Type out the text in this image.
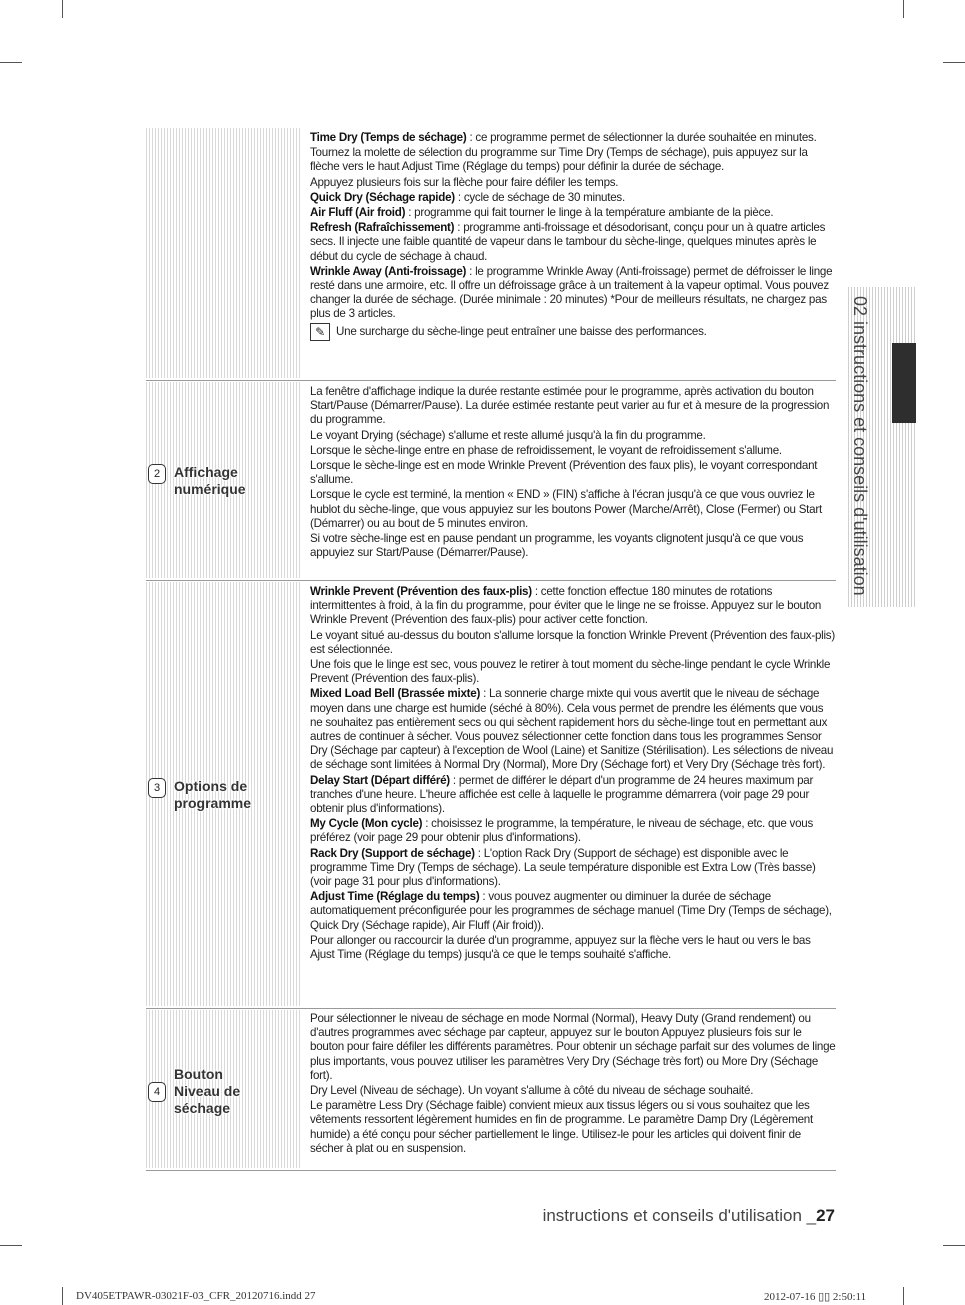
2 Affichage
numérique
3 Options de
programme
4
Bouton
Niveau de
séchage

Time Dry (Temps de séchage) : ce programme permet de sélectionner la durée souhaitée en minutes.

Tournez la molette de sélection du programme sur Time Dry (Temps de séchage), puis appuyez sur la flèche vers le haut Adjust Time (Réglage du temps) pour définir la durée de séchage.

Appuyez plusieurs fois sur la flèche pour faire défiler les temps.

Quick Dry (Séchage rapide) : cycle de séchage de 30 minutes.

Air Fluff (Air froid) : programme qui fait tourner le linge à la température ambiante de la pièce.

Refresh (Rafraîchissement) : programme anti-froissage et désodorisant, conçu pour un à quatre articles secs. Il injecte une faible quantité de vapeur dans le tambour du sèche-linge, quelques minutes après le début du cycle de séchage à chaud.

Wrinkle Away (Anti-froissage) : le programme Wrinkle Away (Anti-froissage) permet de défroisser le linge resté dans une armoire, etc. Il offre un défroissage grâce à un traitement à la vapeur optimal. Vous pouvez changer la durée de séchage. (Durée minimale : 20 minutes) *Pour de meilleurs résultats, ne chargez pas plus de 3 articles.

✎ Une surcharge du sèche-linge peut entraîner une baisse des performances.

La fenêtre d'affichage indique la durée restante estimée pour le programme, après activation du bouton Start/Pause (Démarrer/Pause). La durée estimée restante peut varier au fur et à mesure de la progression du programme.

Le voyant Drying (séchage) s'allume et reste allumé jusqu'à la fin du programme.

Lorsque le sèche-linge entre en phase de refroidissement, le voyant de refroidissement s'allume.

Lorsque le sèche-linge est en mode Wrinkle Prevent (Prévention des faux plis), le voyant correspondant s'allume.

Lorsque le cycle est terminé, la mention « END » (FIN) s'affiche à l'écran jusqu'à ce que vous ouvriez le hublot du sèche-linge, que vous appuyiez sur les boutons Power (Marche/Arrêt), Close (Fermer) ou Start (Démarrer) ou au bout de 5 minutes environ.

Si votre sèche-linge est en pause pendant un programme, les voyants clignotent jusqu'à ce que vous appuyiez sur Start/Pause (Démarrer/Pause).

Wrinkle Prevent (Prévention des faux-plis) : cette fonction effectue 180 minutes de rotations intermittentes à froid, à la fin du programme, pour éviter que le linge ne se froisse. Appuyez sur le bouton Wrinkle Prevent (Prévention des faux-plis) pour activer cette fonction.

Le voyant situé au-dessus du bouton s'allume lorsque la fonction Wrinkle Prevent (Prévention des faux-plis) est sélectionnée.

Une fois que le linge est sec, vous pouvez le retirer à tout moment du sèche-linge pendant le cycle Wrinkle Prevent (Prévention des faux-plis).

Mixed Load Bell (Brassée mixte) : La sonnerie charge mixte qui vous avertit que le niveau de séchage moyen dans une charge est humide (séché à 80%). Cela vous permet de prendre les éléments que vous ne souhaitez pas entièrement secs ou qui sèchent rapidement hors du sèche-linge tout en permettant aux autres de continuer à sécher. Vous pouvez sélectionner cette fonction dans tous les programmes Sensor Dry (Séchage par capteur) à l'exception de Wool (Laine) et Sanitize (Stérilisation). Les sélections de niveau de séchage sont limitées à Normal Dry (Normal), More Dry (Séchage fort) et Very Dry (Séchage très fort).

Delay Start (Départ différé) : permet de différer le départ d'un programme de 24 heures maximum par tranches d'une heure. L'heure affichée est celle à laquelle le programme démarrera (voir page 29 pour obtenir plus d'informations).

My Cycle (Mon cycle) : choisissez le programme, la température, le niveau de séchage, etc. que vous préférez (voir page 29 pour obtenir plus d'informations).

Rack Dry (Support de séchage) : L'option Rack Dry (Support de séchage) est disponible avec le programme Time Dry (Temps de séchage). La seule température disponible est Extra Low (Très basse) (voir page 31 pour plus d'informations).

Adjust Time (Réglage du temps) : vous pouvez augmenter ou diminuer la durée de séchage automatiquement préconfigurée pour les programmes de séchage manuel (Time Dry (Temps de séchage), Quick Dry (Séchage rapide), Air Fluff (Air froid)).

Pour allonger ou raccourcir la durée d'un programme, appuyez sur la flèche vers le haut ou vers le bas Ajust Time (Réglage du temps) jusqu'à ce que le temps souhaité s'affiche.

Pour sélectionner le niveau de séchage en mode Normal (Normal), Heavy Duty (Grand rendement) ou d'autres programmes avec séchage par capteur, appuyez sur le bouton Appuyez plusieurs fois sur le bouton pour faire défiler les différents paramètres. Pour obtenir un séchage parfait sur des volumes de linge plus importants, vous pouvez utiliser les paramètres Very Dry (Séchage très fort) ou More Dry (Séchage fort).

Dry Level (Niveau de séchage). Un voyant s'allume à côté du niveau de séchage souhaité.

Le paramètre Less Dry (Séchage faible) convient mieux aux tissus légers ou si vous souhaitez que les vêtements ressortent légèrement humides en fin de programme. Le paramètre Damp Dry (Légèrement humide) a été conçu pour sécher partiellement le linge. Utilisez-le pour les articles qui doivent finir de sécher à plat ou en suspension.

02 instructions et conseils d'utilisation
instructions et conseils d'utilisation _27
DV405ETPAWR-03021F-03_CFR_20120716.indd 27	2012-07-16 ▯▯ 2:50:11
